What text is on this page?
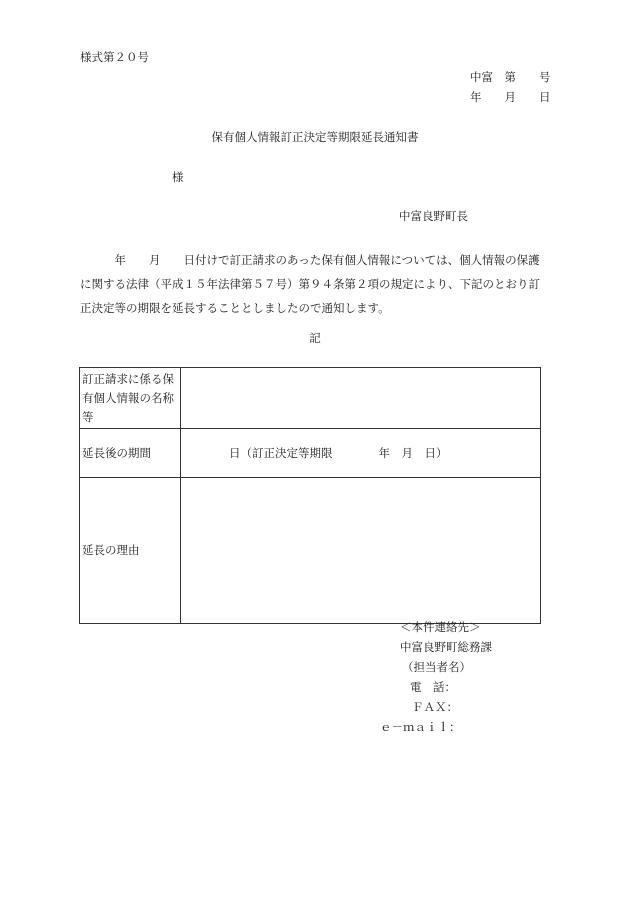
様式第２０号
中富　第　　号
年　　月　　日
保有個人情報訂正決定等期限延長通知書
様
中富良野町長
　　　年　　月　　日付けで訂正請求のあった保有個人情報については、個人情報の保護
に関する法律（平成１５年法律第５７号）第９４条第２項の規定により、下記のとおり訂
正決定等の期限を延長することとしましたので通知します。
記
訂正請求に係る保有個人情報の名称等	
延長後の期間	日（訂正決定等期限　　　　年　月　日）
延長の理由	
＜本件連絡先＞
中富良野町総務課
（担当者名）
電　話：
ＦＡＸ：
ｅ－ｍａｉｌ：
